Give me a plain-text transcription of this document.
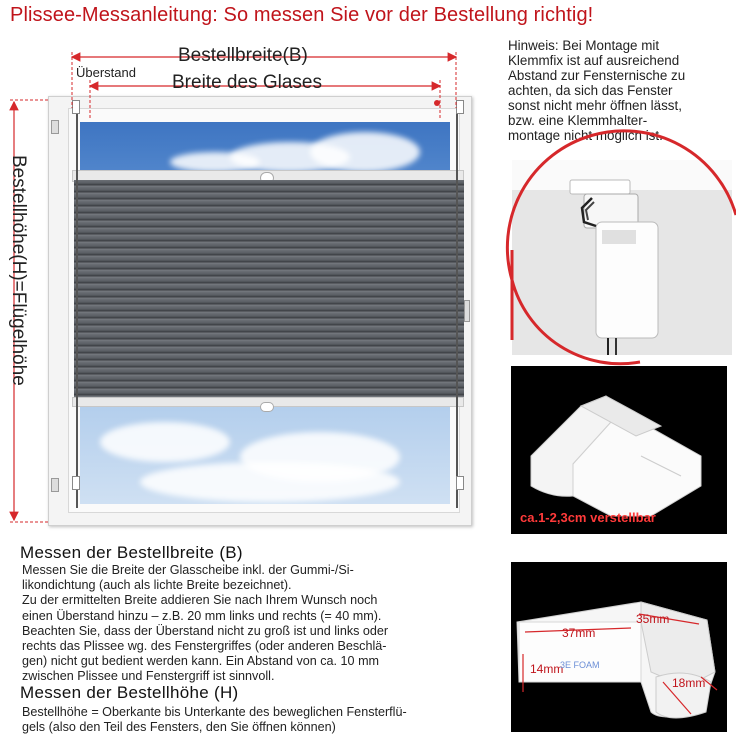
Plissee-Messanleitung: So messen Sie vor der Bestellung richtig!
Bestellbreite(B)
Überstand Breite des Glases
Bestellhöhe(H)=Flügelhöhe
Hinweis: Bei Montage mit
Klemmfix ist auf ausreichend
Abstand zur Fensternische zu
achten, da sich das Fenster
sonst nicht mehr öffnen lässt,
bzw. eine Klemmhalter-
montage nicht möglich ist.
ca.1-2,3cm verstellbar
37mm
35mm
14mm
18mm
3E FOAM
Messen der Bestellbreite (B)
Messen Sie die Breite der Glasscheibe inkl. der Gummi-/Si-
likondichtung (auch als lichte Breite bezeichnet).
Zu der ermittelten Breite addieren Sie nach Ihrem Wunsch noch
einen Überstand hinzu – z.B. 20 mm links und rechts (= 40 mm).
Beachten Sie, dass der Überstand nicht zu groß ist und links oder
rechts das Plissee wg. des Fenstergriffes (oder anderen Beschlä-
gen) nicht gut bedient werden kann. Ein Abstand von ca. 10 mm
zwischen Plissee und Fenstergriff ist sinnvoll.
Messen der Bestellhöhe (H)
Bestellhöhe = Oberkante bis Unterkante des beweglichen Fensterflü-
gels (also den Teil des Fensters, den Sie öffnen können)
